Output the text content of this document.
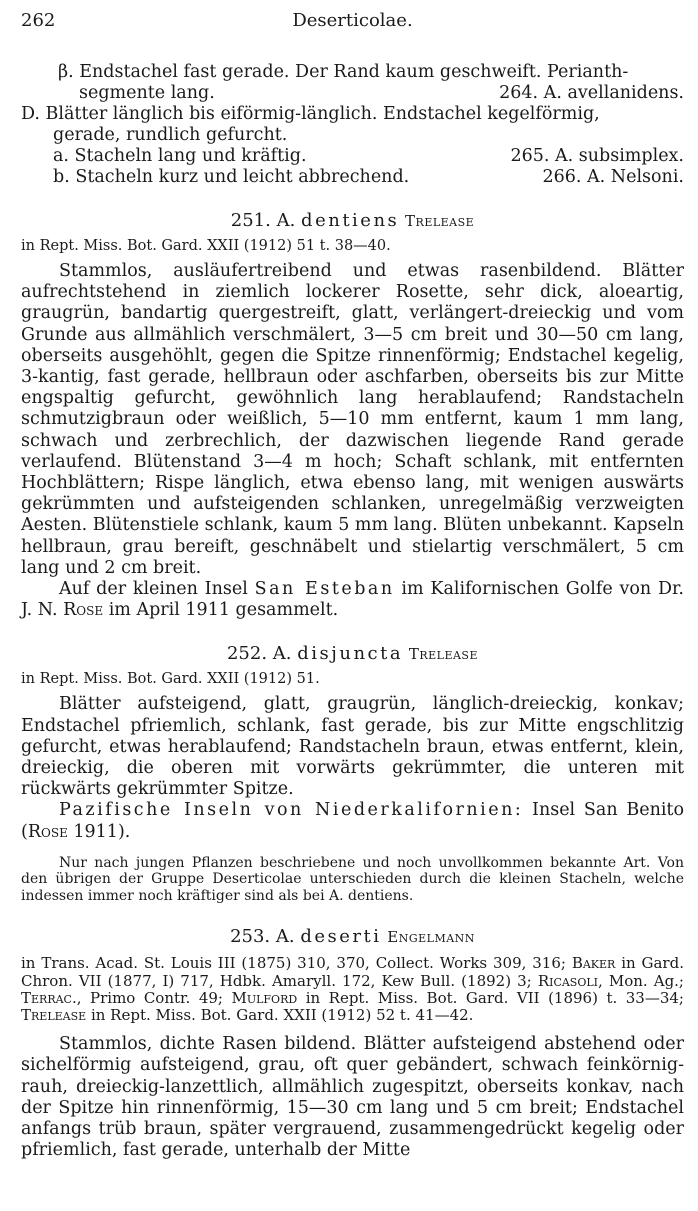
262	Deserticolae.
β. Endstachel fast gerade. Der Rand kaum geschweift. Perianth-
segmente lang.	264. A. avellanidens.
D. Blätter länglich bis eiförmig-länglich. Endstachel kegelförmig,
gerade, rundlich gefurcht.
a. Stacheln lang und kräftig.	265. A. subsimplex.
b. Stacheln kurz und leicht abbrechend.	266. A. Nelsoni.
251. A. dentiens Trelease
in Rept. Miss. Bot. Gard. XXII (1912) 51 t. 38—40.

Stammlos, ausläufertreibend und etwas rasenbildend. Blätter aufrechtstehend in ziemlich lockerer Rosette, sehr dick, aloeartig, graugrün, bandartig quergestreift, glatt, verlängert-dreieckig und vom Grunde aus allmählich verschmälert, 3—5 cm breit und 30—50 cm lang, oberseits ausgehöhlt, gegen die Spitze rinnenförmig; Endstachel kegelig, 3-kantig, fast gerade, hellbraun oder aschfarben, oberseits bis zur Mitte engspaltig gefurcht, gewöhnlich lang herablaufend; Randstacheln schmutzigbraun oder weißlich, 5—10 mm entfernt, kaum 1 mm lang, schwach und zerbrechlich, der dazwischen liegende Rand gerade verlaufend. Blütenstand 3—4 m hoch; Schaft schlank, mit entfernten Hochblättern; Rispe länglich, etwa ebenso lang, mit wenigen auswärts gekrümmten und aufsteigenden schlanken, unregelmäßig verzweigten Aesten. Blütenstiele schlank, kaum 5 mm lang. Blüten unbekannt. Kapseln hellbraun, grau bereift, geschnäbelt und stielartig verschmälert, 5 cm lang und 2 cm breit.

Auf der kleinen Insel San Esteban im Kalifornischen Golfe von Dr. J. N. Rose im April 1911 gesammelt.

252. A. disjuncta Trelease
in Rept. Miss. Bot. Gard. XXII (1912) 51.

Blätter aufsteigend, glatt, graugrün, länglich-dreieckig, konkav; Endstachel pfriemlich, schlank, fast gerade, bis zur Mitte engschlitzig gefurcht, etwas herablaufend; Randstacheln braun, etwas entfernt, klein, dreieckig, die oberen mit vorwärts gekrümmter, die unteren mit rückwärts gekrümmter Spitze.

Pazifische Inseln von Niederkalifornien: Insel San Benito (Rose 1911).

Nur nach jungen Pflanzen beschriebene und noch unvollkommen bekannte Art. Von den übrigen der Gruppe Deserticolae unterschieden durch die kleinen Stacheln, welche indessen immer noch kräftiger sind als bei A. dentiens.

253. A. deserti Engelmann
in Trans. Acad. St. Louis III (1875) 310, 370, Collect. Works 309, 316; Baker in Gard. Chron. VII (1877, I) 717, Hdbk. Amaryll. 172, Kew Bull. (1892) 3; Ricasoli, Mon. Ag.; Terrac., Primo Contr. 49; Mulford in Rept. Miss. Bot. Gard. VII (1896) t. 33—34; Trelease in Rept. Miss. Bot. Gard. XXII (1912) 52 t. 41—42.

Stammlos, dichte Rasen bildend. Blätter aufsteigend abstehend oder sichelförmig aufsteigend, grau, oft quer gebändert, schwach feinkörnig-rauh, dreieckig-lanzettlich, allmählich zugespitzt, oberseits konkav, nach der Spitze hin rinnenförmig, 15—30 cm lang und 5 cm breit; Endstachel anfangs trüb braun, später vergrauend, zusammengedrückt kegelig oder pfriemlich, fast gerade, unterhalb der Mitte
